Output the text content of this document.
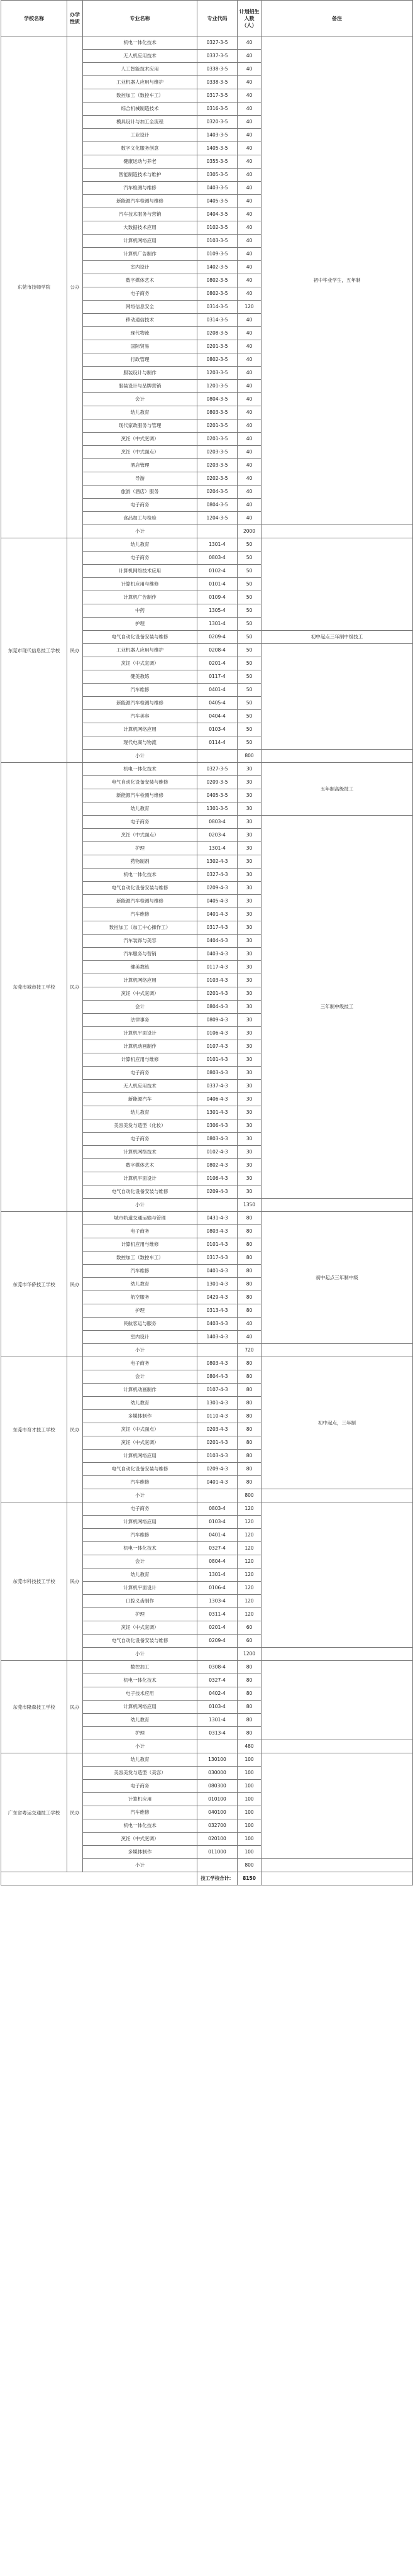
学校名称	办学性质	专业名称	专业代码	计划招生人数（人）	备注
东莞市技师学院	公办	机电一体化技术	0327-3-5	40	初中毕业学生，五年制
		无人机应用技术	0337-3-5	40	
		人工智能技术应用	0338-3-5	40	
		工业机器人应用与维护	0338-3-5	40	
		数控加工（数控车工）	0317-3-5	40	
		综合机械制造技术	0316-3-5	40	
		模具设计与加工全流程	0320-3-5	40	
		工业设计	1403-3-5	40	
		数字文化服务创意	1405-3-5	40	
		健康运动与养老	0355-3-5	40	
		智能制造技术与维护	0305-3-5	40	
		汽车检测与维修	0403-3-5	40	
		新能源汽车检测与维修	0405-3-5	40	
		汽车技术服务与营销	0404-3-5	40	
		大数据技术应用	0102-3-5	40	
		计算机网络应用	0103-3-5	40	
		计算机广告制作	0109-3-5	40	
		室内设计	1402-3-5	40	
		数字媒体艺术	0802-3-5	40	
		电子商务	0802-3-5	40	
		网络信息安全	0314-3-5	120	
		移动通信技术	0314-3-5	40	
		现代物流	0208-3-5	40	
		国际贸易	0201-3-5	40	
		行政管理	0802-3-5	40	
		服装设计与制作	1203-3-5	40	
		服装设计与品牌营销	1201-3-5	40	
		会计	0804-3-5	40	
		幼儿教育	0803-3-5	40	
		现代家政服务与管理	0201-3-5	40	
		烹饪（中式烹调）	0201-3-5	40	
		烹饪（中式面点）	0203-3-5	40	
		酒店管理	0203-3-5	40	
		导游	0202-3-5	40	
		旅游（酒店）服务	0204-3-5	40	
		电子商务	0804-3-5	40	
		食品加工与检验	1204-3-5	40	
		小计		2000	
东莞市现代信息技工学校	民办	幼儿教育	1301-4	50	
		电子商务	0803-4	50	
		计算机网络技术应用	0102-4	50	
		计算机应用与维修	0101-4	50	
		计算机广告制作	0109-4	50	
		中药	1305-4	50	
		护理	1301-4	50	
		电气自动化设备安装与维修	0209-4	50	初中起点三年制中级技工
		工业机器人应用与维护	0208-4	50	
		烹饪（中式烹调）	0201-4	50	
		健美教练	0117-4	50	
		汽车维修	0401-4	50	
		新能源汽车检测与维修	0405-4	50	
		汽车美容	0404-4	50	
		计算机网络应用	0103-4	50	
		现代电商与物流	0114-4	50	
		小计		800	
东莞市城市技工学校	民办	机电一体化技术	0327-3-5	30	五年制高级技工
		电气自动化设备安装与维修	0209-3-5	30	
		新能源汽车检测与维修	0405-3-5	30	
		幼儿教育	1301-3-5	30	
		电子商务	0803-4	30	三年制中级技工
		烹饪（中式面点）	0203-4	30	
		护理	1301-4	30	
		药物制剂	1302-4-3	30	
		机电一体化技术	0327-4-3	30	
		电气自动化设备安装与维修	0209-4-3	30	
		新能源汽车检测与维修	0405-4-3	30	
		汽车维修	0401-4-3	30	
		数控加工（加工中心操作工）	0317-4-3	30	
		汽车装饰与美容	0404-4-3	30	
		汽车服务与营销	0403-4-3	30	
		健美教练	0117-4-3	30	
		计算机网络应用	0103-4-3	30	
		烹饪（中式烹调）	0201-4-3	30	
		会计	0804-4-3	30	
		法律事务	0809-4-3	30	
		计算机平面设计	0106-4-3	30	
		计算机动画制作	0107-4-3	30	
		计算机应用与维修	0101-4-3	30	
		电子商务	0803-4-3	30	
		无人机应用技术	0337-4-3	30	
		新能源汽车	0406-4-3	30	
		幼儿教育	1301-4-3	30	
		美容美发与造型（化妆）	0306-4-3	30	
		电子商务	0803-4-3	30	
		计算机网络技术	0102-4-3	30	
		数字媒体艺术	0802-4-3	30	
		计算机平面设计	0106-4-3	30	
		电气自动化设备安装与维修	0209-4-3	30	
		小计		1350	
东莞市华侨技工学校	民办	城市轨道交通运输与管理	0431-4-3	80	初中起点三年制中级
		电子商务	0803-4-3	80	
		计算机应用与维修	0101-4-3	80	
		数控加工（数控车工）	0317-4-3	80	
		汽车维修	0401-4-3	80	
		幼儿教育	1301-4-3	80	
		航空服务	0429-4-3	80	
		护理	0313-4-3	80	
		民航客运与服务	0403-4-3	40	
		室内设计	1403-4-3	40	
		小计		720	
东莞市育才技工学校	民办	电子商务	0803-4-3	80	初中起点，三年制
		会计	0804-4-3	80	
		计算机动画制作	0107-4-3	80	
		幼儿教育	1301-4-3	80	
		多媒体制作	0110-4-3	80	
		烹饪（中式面点）	0203-4-3	80	
		烹饪（中式烹调）	0201-4-3	80	
		计算机网络应用	0103-4-3	80	
		电气自动化设备安装与维修	0209-4-3	80	
		汽车维修	0401-4-3	80	
		小计		800	
东莞市科技技工学校	民办	电子商务	0803-4	120	
		计算机网络应用	0103-4	120	
		汽车维修	0401-4	120	
		机电一体化技术	0327-4	120	
		会计	0804-4	120	
		幼儿教育	1301-4	120	
		计算机平面设计	0106-4	120	
		口腔义齿制作	1303-4	120	
		护理	0311-4	120	
		烹饪（中式烹调）	0201-4	60	
		电气自动化设备安装与维修	0209-4	60	
		小计		1200	
东莞市隆森技工学校	民办	数控加工	0308-4	80	
		机电一体化技术	0327-4	80	
		电子技术应用	0402-4	80	
		计算机网络应用	0103-4	80	
		幼儿教育	1301-4	80	
		护理	0313-4	80	
		小计		480	
广东省粤运交通技工学校	民办	幼儿教育	130100	100	
		美容美发与造型（美容）	030000	100	
		电子商务	080300	100	
		计算机应用	010100	100	
		汽车维修	040100	100	
		机电一体化技术	032700	100	
		烹饪（中式烹调）	020100	100	
		多媒体制作	011000	100	
		小计		800	
			技工学校合计：	8150	
